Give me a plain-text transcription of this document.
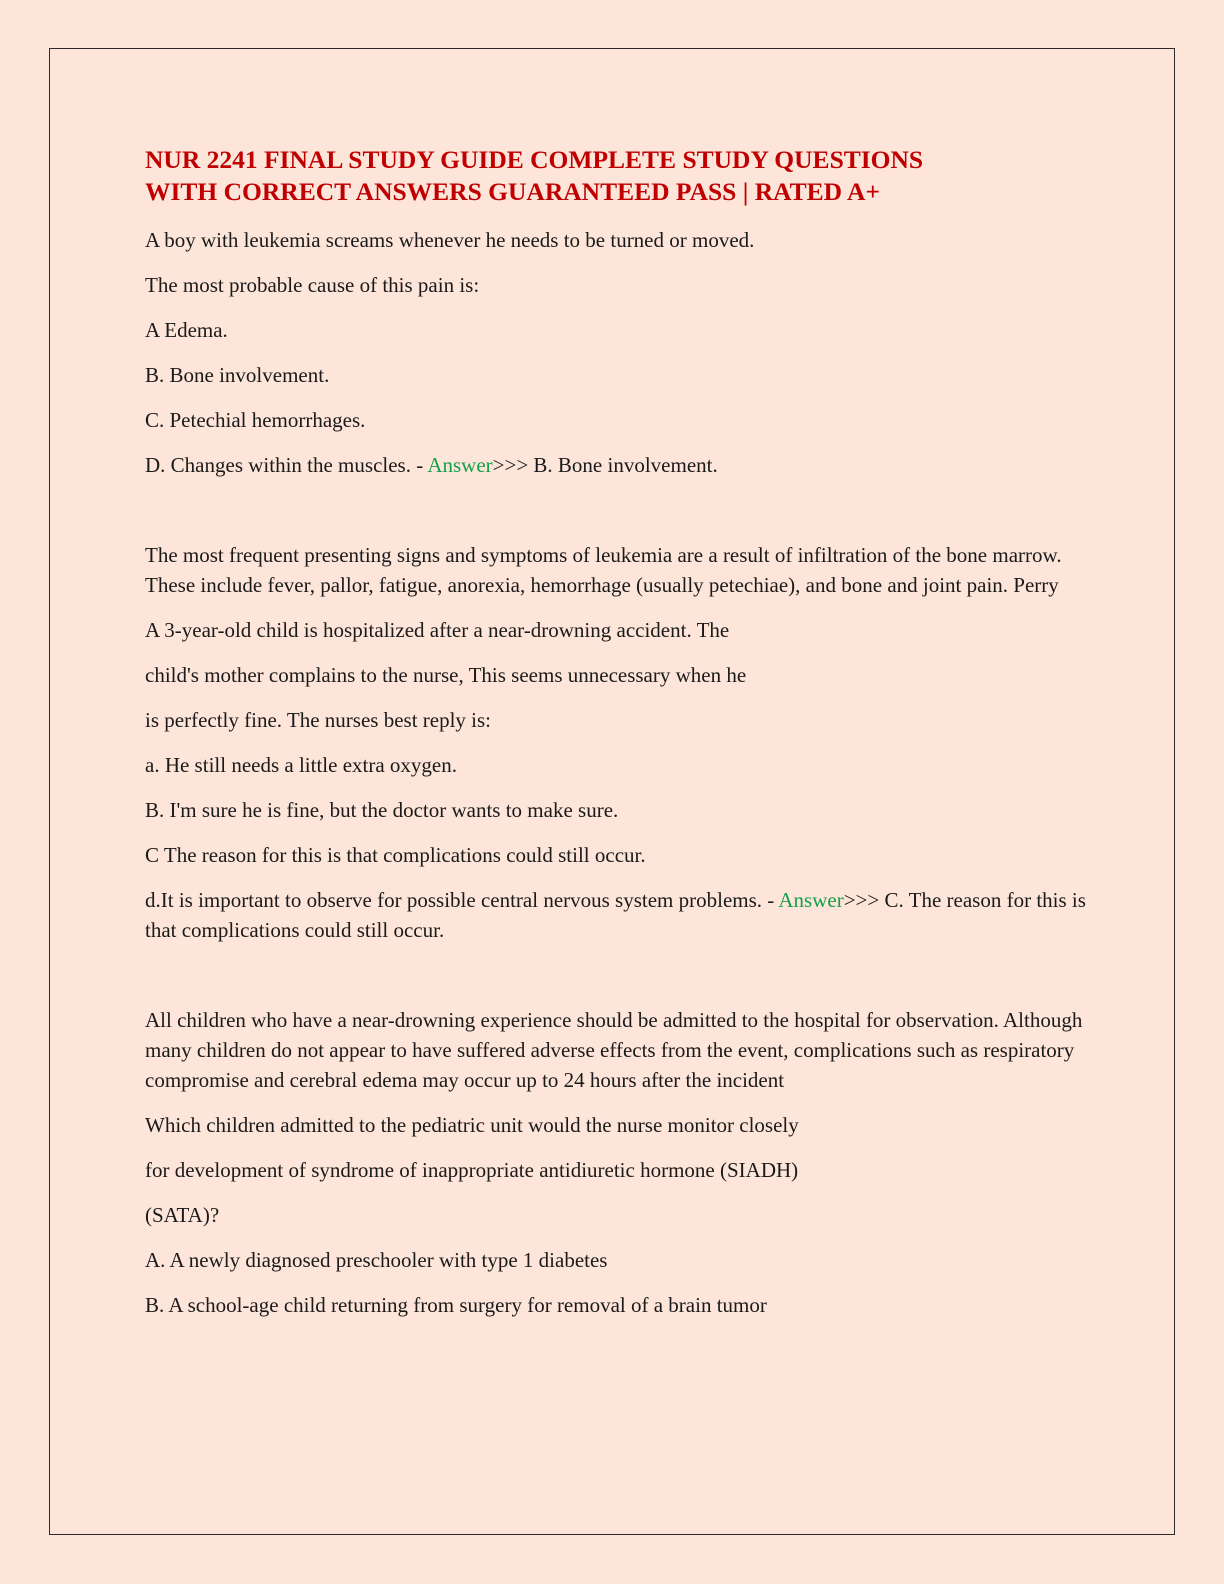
NUR 2241 FINAL STUDY GUIDE COMPLETE STUDY QUESTIONS
WITH CORRECT ANSWERS GUARANTEED PASS | RATED A+

A boy with leukemia screams whenever he needs to be turned or moved.

The most probable cause of this pain is:

A Edema.

B. Bone involvement.

C. Petechial hemorrhages.

D. Changes within the muscles. - Answer>>> B. Bone involvement.

The most frequent presenting signs and symptoms of leukemia are a result of infiltration of the bone marrow. These include fever, pallor, fatigue, anorexia, hemorrhage (usually petechiae), and bone and joint pain. Perry

A 3-year-old child is hospitalized after a near-drowning accident. The

child's mother complains to the nurse, This seems unnecessary when he

is perfectly fine. The nurses best reply is:

a. He still needs a little extra oxygen.

B. I'm sure he is fine, but the doctor wants to make sure.

C The reason for this is that complications could still occur.

d.It is important to observe for possible central nervous system problems. - Answer>>> C. The reason for this is that complications could still occur.

All children who have a near-drowning experience should be admitted to the hospital for observation. Although many children do not appear to have suffered adverse effects from the event, complications such as respiratory compromise and cerebral edema may occur up to 24 hours after the incident

Which children admitted to the pediatric unit would the nurse monitor closely

for development of syndrome of inappropriate antidiuretic hormone (SIADH)

(SATA)?

A. A newly diagnosed preschooler with type 1 diabetes

B. A school-age child returning from surgery for removal of a brain tumor
